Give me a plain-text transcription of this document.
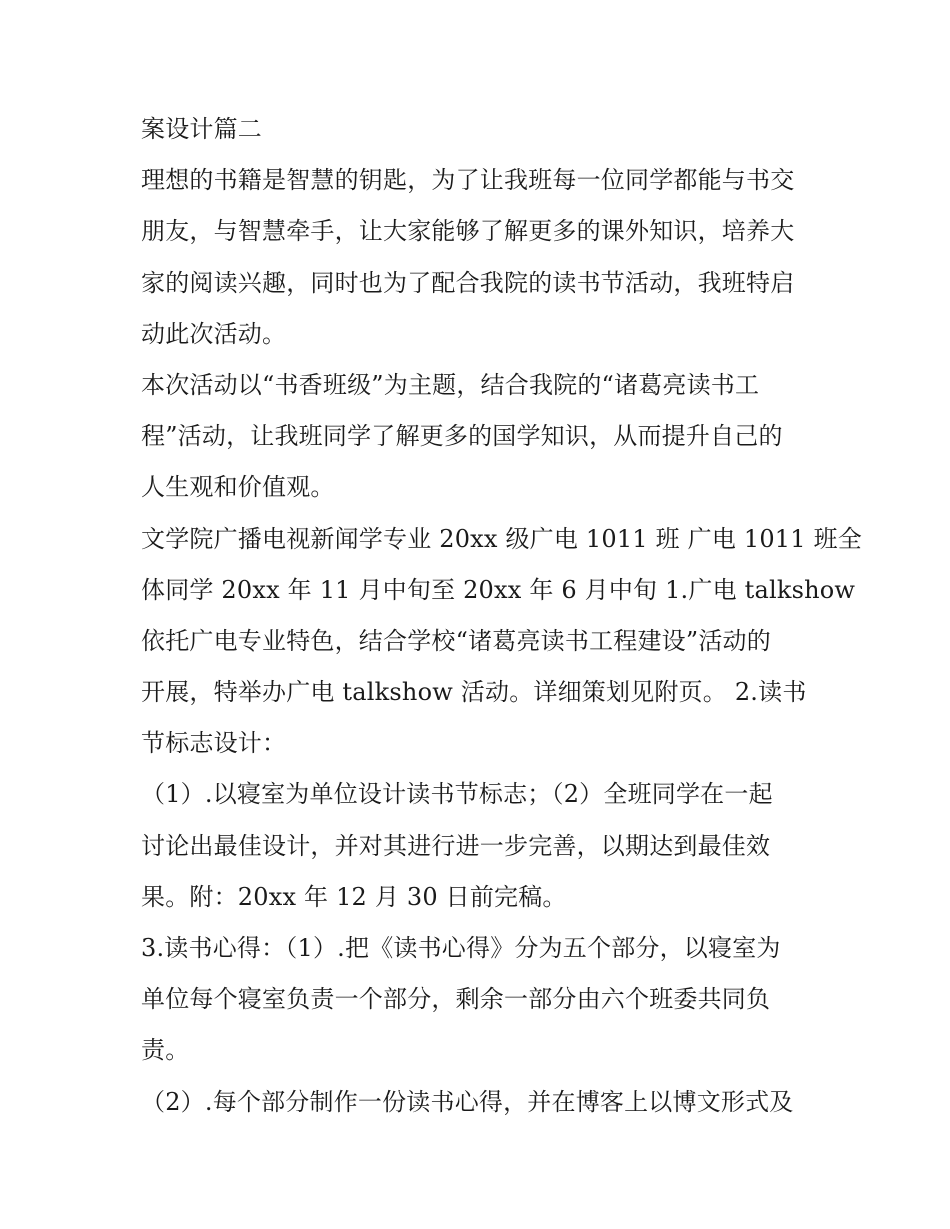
案设计篇二
理想的书籍是智慧的钥匙，为了让我班每一位同学都能与书交
朋友，与智慧牵手，让大家能够了解更多的课外知识，培养大
家的阅读兴趣，同时也为了配合我院的读书节活动，我班特启
动此次活动。
本次活动以“书香班级”为主题，结合我院的“诸葛亮读书工
程”活动，让我班同学了解更多的国学知识，从而提升自己的
人生观和价值观。
文学院广播电视新闻学专业 20xx 级广电 1011 班 广电 1011 班全
体同学 20xx 年 11 月中旬至 20xx 年 6 月中旬 1.广电 talkshow
依托广电专业特色，结合学校“诸葛亮读书工程建设”活动的
开展，特举办广电 talkshow 活动。详细策划见附页。 2.读书
节标志设计：
（1）.以寝室为单位设计读书节标志；（2）全班同学在一起
讨论出最佳设计，并对其进行进一步完善，以期达到最佳效
果。附：20xx 年 12 月 30 日前完稿。
3.读书心得：（1）.把《读书心得》分为五个部分，以寝室为
单位每个寝室负责一个部分，剩余一部分由六个班委共同负
责。
（2）.每个部分制作一份读书心得，并在博客上以博文形式及
